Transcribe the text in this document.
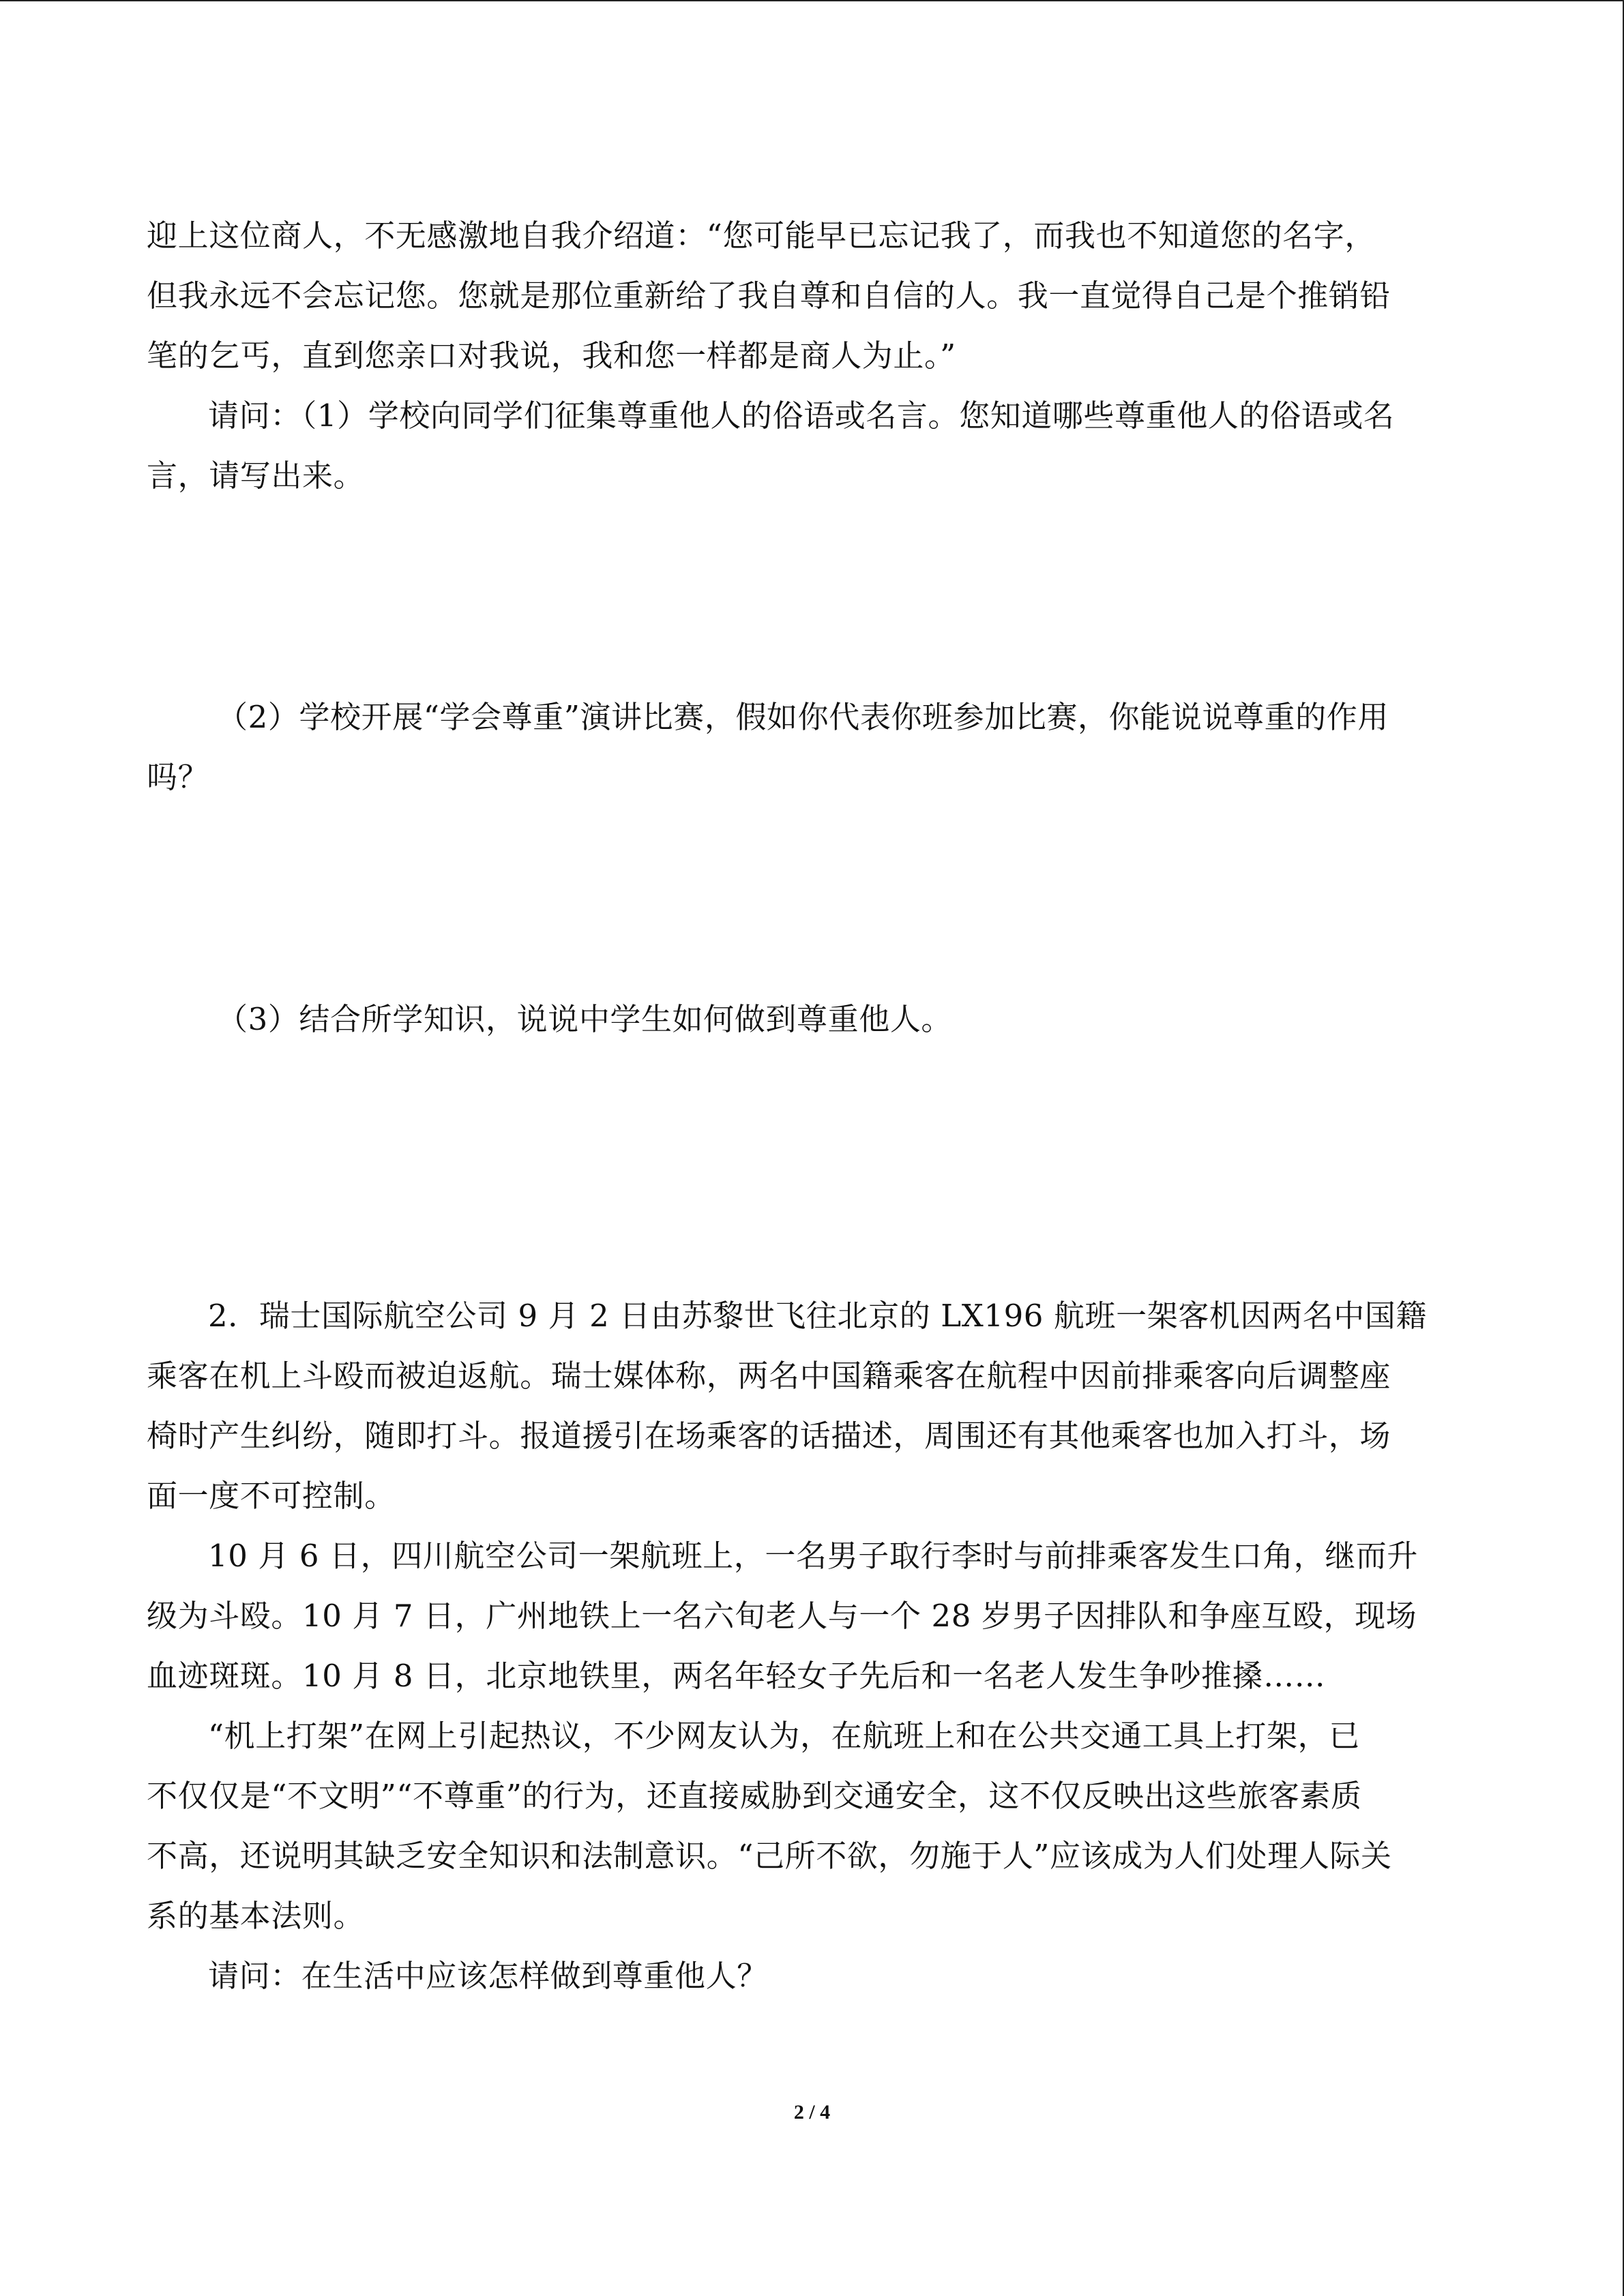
迎上这位商人，不无感激地自我介绍道：“您可能早已忘记我了，而我也不知道您的名字，
但我永远不会忘记您。您就是那位重新给了我自尊和自信的人。我一直觉得自己是个推销铅
笔的乞丐，直到您亲口对我说，我和您一样都是商人为止。”
请问：（1）学校向同学们征集尊重他人的俗语或名言。您知道哪些尊重他人的俗语或名
言，请写出来。
（2）学校开展“学会尊重”演讲比赛，假如你代表你班参加比赛，你能说说尊重的作用
吗？
（3）结合所学知识，说说中学生如何做到尊重他人。
2．瑞士国际航空公司 9 月 2 日由苏黎世飞往北京的 LX196 航班一架客机因两名中国籍
乘客在机上斗殴而被迫返航。瑞士媒体称，两名中国籍乘客在航程中因前排乘客向后调整座
椅时产生纠纷，随即打斗。报道援引在场乘客的话描述，周围还有其他乘客也加入打斗，场
面一度不可控制。
10 月 6 日，四川航空公司一架航班上，一名男子取行李时与前排乘客发生口角，继而升
级为斗殴。10 月 7 日，广州地铁上一名六旬老人与一个 28 岁男子因排队和争座互殴，现场
血迹斑斑。10 月 8 日，北京地铁里，两名年轻女子先后和一名老人发生争吵推搡……
“机上打架”在网上引起热议，不少网友认为，在航班上和在公共交通工具上打架，已
不仅仅是“不文明”“不尊重”的行为，还直接威胁到交通安全，这不仅反映出这些旅客素质
不高，还说明其缺乏安全知识和法制意识。“己所不欲，勿施于人”应该成为人们处理人际关
系的基本法则。
请问：在生活中应该怎样做到尊重他人？
2 / 4
